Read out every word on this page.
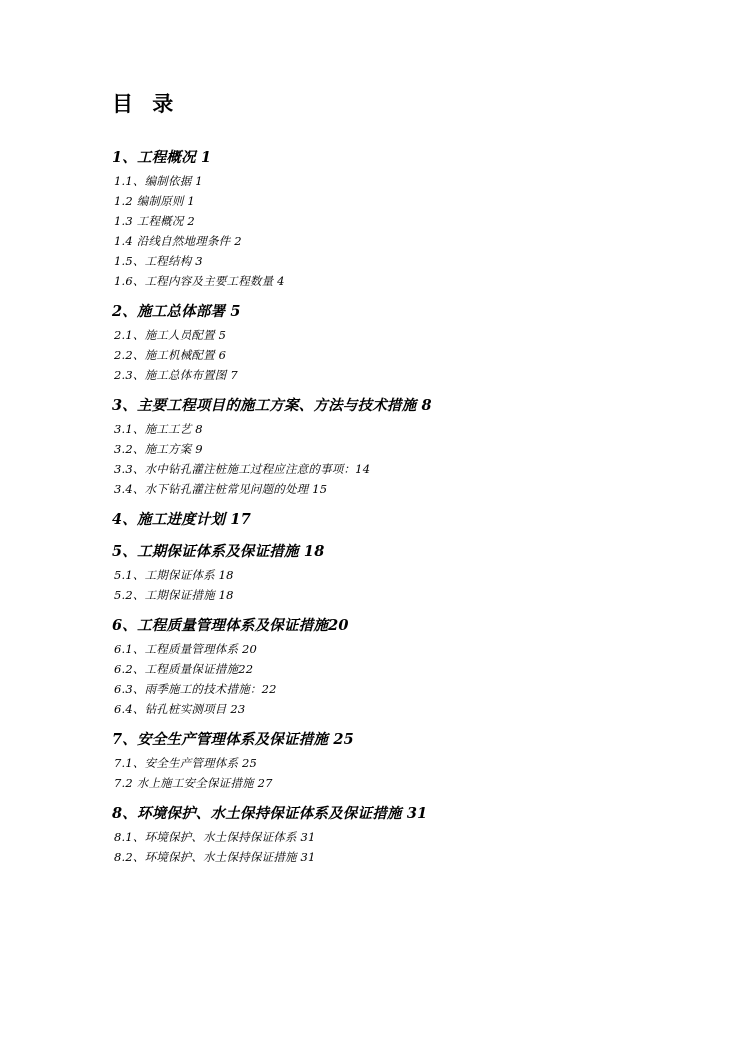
目 录
1、工程概况 1
1.1、编制依据 1
1.2 编制原则 1
1.3 工程概况 2
1.4 沿线自然地理条件 2
1.5、工程结构 3
1.6、工程内容及主要工程数量 4
2、施工总体部署 5
2.1、施工人员配置 5
2.2、施工机械配置 6
2.3、施工总体布置图 7
3、主要工程项目的施工方案、方法与技术措施 8
3.1、施工工艺 8
3.2、施工方案 9
3.3、水中钻孔灌注桩施工过程应注意的事项：14
3.4、水下钻孔灌注桩常见问题的处理 15
4、施工进度计划 17
5、工期保证体系及保证措施 18
5.1、工期保证体系 18
5.2、工期保证措施 18
6、工程质量管理体系及保证措施20
6.1、工程质量管理体系 20
6.2、工程质量保证措施22
6.3、雨季施工的技术措施：22
6.4、钻孔桩实测项目 23
7、安全生产管理体系及保证措施 25
7.1、安全生产管理体系 25
7.2 水上施工安全保证措施 27
8、环境保护、水土保持保证体系及保证措施 31
8.1、环境保护、水土保持保证体系 31
8.2、环境保护、水土保持保证措施 31
